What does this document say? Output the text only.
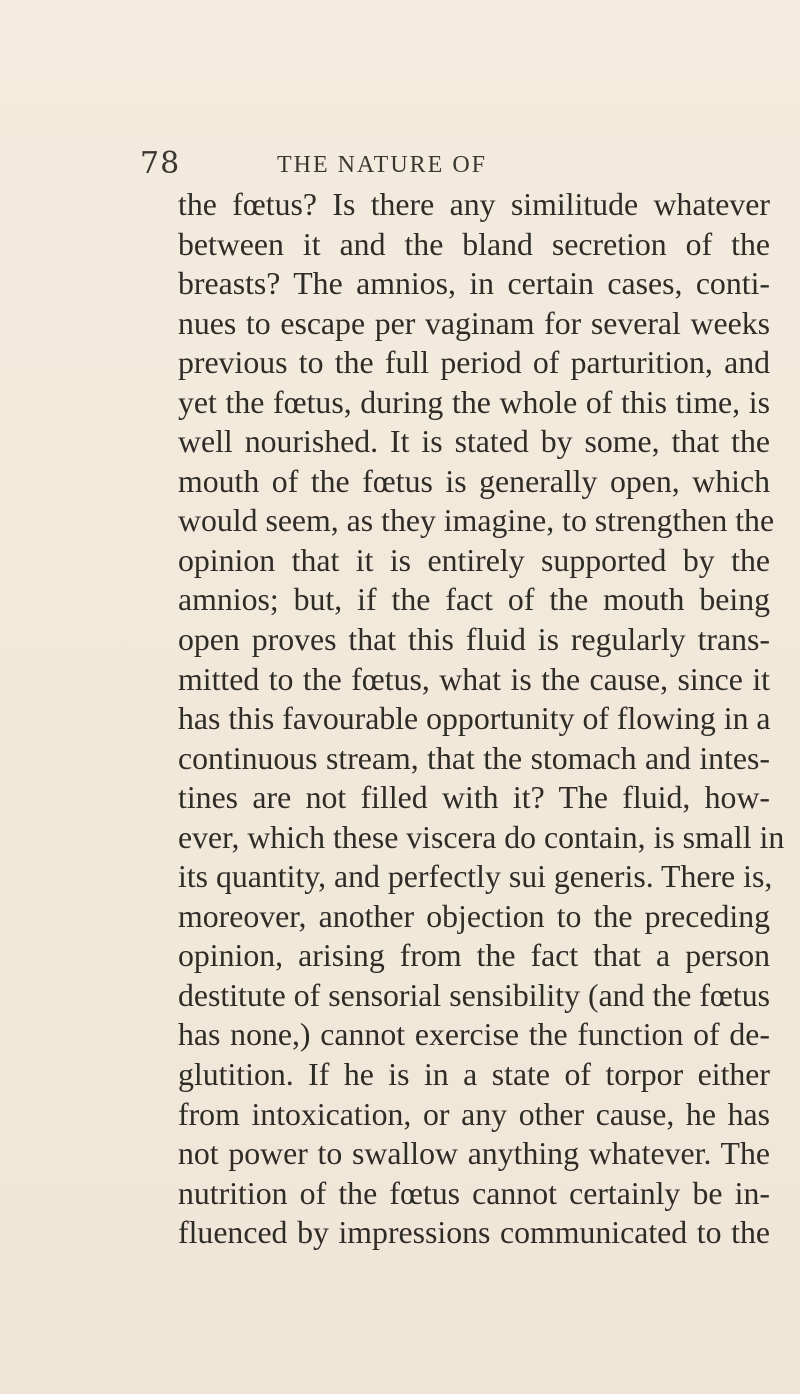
78	THE NATURE OF
the fœtus? Is there any similitude whatever
between it and the bland secretion of the
breasts? The amnios, in certain cases, conti-
nues to escape per vaginam for several weeks
previous to the full period of parturition, and
yet the fœtus, during the whole of this time, is
well nourished. It is stated by some, that the
mouth of the fœtus is generally open, which
would seem, as they imagine, to strengthen the
opinion that it is entirely supported by the
amnios; but, if the fact of the mouth being
open proves that this fluid is regularly trans-
mitted to the fœtus, what is the cause, since it
has this favourable opportunity of flowing in a
continuous stream, that the stomach and intes-
tines are not filled with it? The fluid, how-
ever, which these viscera do contain, is small in
its quantity, and perfectly sui generis. There is,
moreover, another objection to the preceding
opinion, arising from the fact that a person
destitute of sensorial sensibility (and the fœtus
has none,) cannot exercise the function of de-
glutition. If he is in a state of torpor either
from intoxication, or any other cause, he has
not power to swallow anything whatever. The
nutrition of the fœtus cannot certainly be in-
fluenced by impressions communicated to the
